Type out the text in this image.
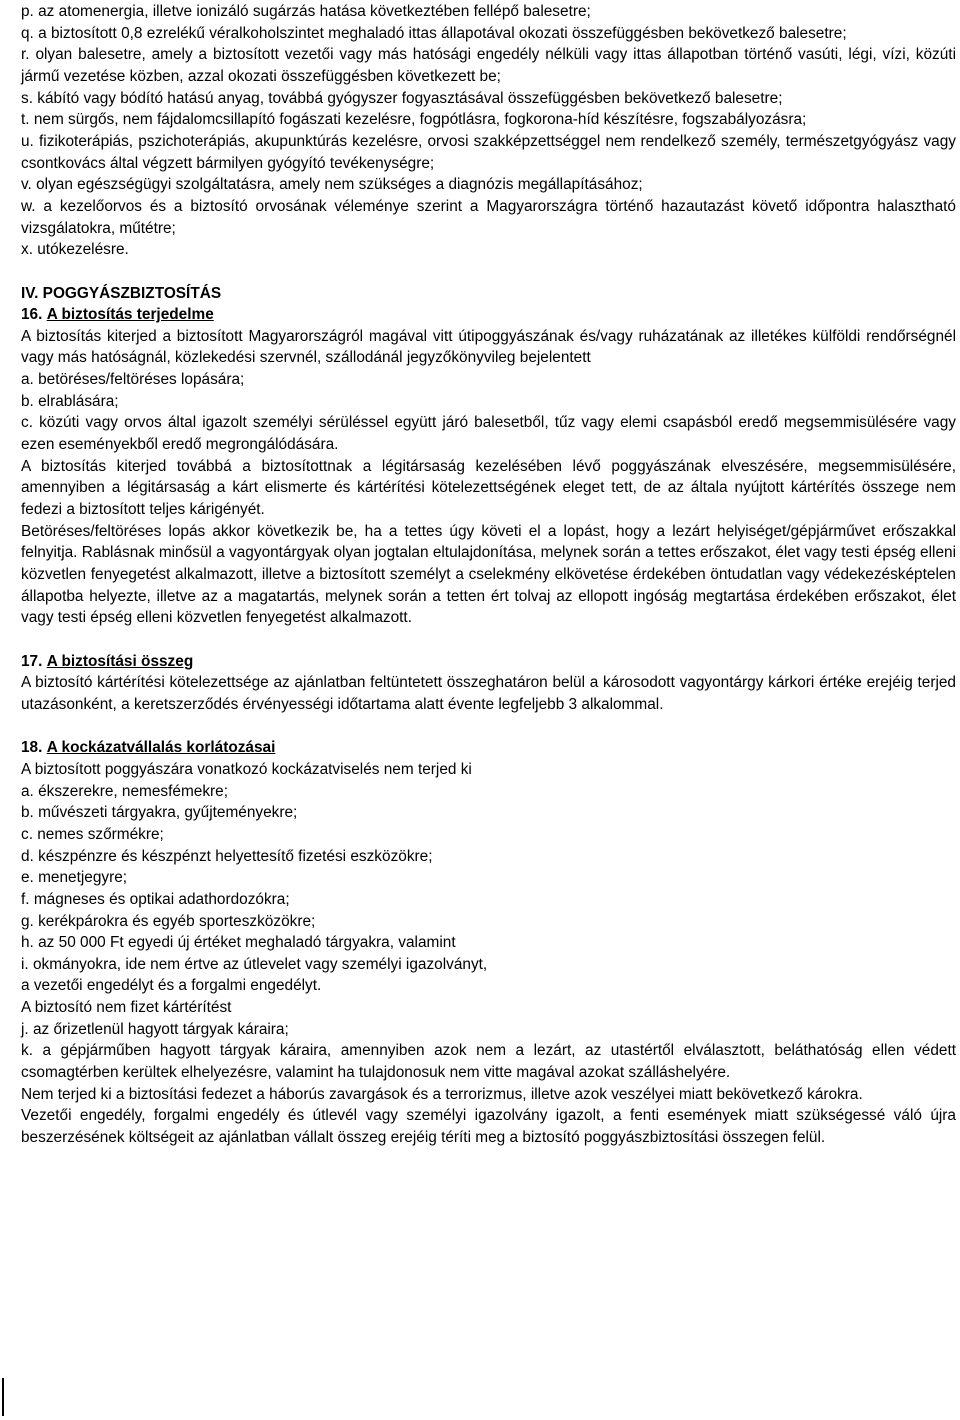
p. az atomenergia, illetve ionizáló sugárzás hatása következtében fellépő balesetre;

q. a biztosított 0,8 ezrelékű véralkoholszintet meghaladó ittas állapotával okozati összefüggésben bekövetkező balesetre;

r. olyan balesetre, amely a biztosított vezetői vagy más hatósági engedély nélküli vagy ittas állapotban történő vasúti, légi, vízi, közúti jármű vezetése közben, azzal okozati összefüggésben következett be;

s. kábító vagy bódító hatású anyag, továbbá gyógyszer fogyasztásával összefüggésben bekövetkező balesetre;

t. nem sürgős, nem fájdalomcsillapító fogászati kezelésre, fogpótlásra, fogkorona-híd készítésre, fogszabályozásra;

u. fizikoterápiás, pszichoterápiás, akupunktúrás kezelésre, orvosi szakképzettséggel nem rendelkező személy, természetgyógyász vagy csontkovács által végzett bármilyen gyógyító tevékenységre;

v. olyan egészségügyi szolgáltatásra, amely nem szükséges a diagnózis megállapításához;

w. a kezelőorvos és a biztosító orvosának véleménye szerint a Magyarországra történő hazautazást követő időpontra halasztható vizsgálatokra, műtétre;

x. utókezelésre.

IV. POGGYÁSZBIZTOSÍTÁS

16. A biztosítás terjedelme

A biztosítás kiterjed a biztosított Magyarországról magával vitt útipoggyászának és/vagy ruházatának az illetékes külföldi rendőrségnél vagy más hatóságnál, közlekedési szervnél, szállodánál jegyzőkönyvileg bejelentett

a. betöréses/feltöréses lopására;

b. elrablására;

c. közúti vagy orvos által igazolt személyi sérüléssel együtt járó balesetből, tűz vagy elemi csapásból eredő megsemmisülésére vagy ezen eseményekből eredő megrongálódására.

A biztosítás kiterjed továbbá a biztosítottnak a légitársaság kezelésében lévő poggyászának elveszésére, megsemmisülésére, amennyiben a légitársaság a kárt elismerte és kártérítési kötelezettségének eleget tett, de az általa nyújtott kártérítés összege nem fedezi a biztosított teljes kárigényét.

Betöréses/feltöréses lopás akkor következik be, ha a tettes úgy követi el a lopást, hogy a lezárt helyiséget/gépjárművet erőszakkal felnyitja. Rablásnak minősül a vagyontárgyak olyan jogtalan eltulajdonítása, melynek során a tettes erőszakot, élet vagy testi épség elleni közvetlen fenyegetést alkalmazott, illetve a biztosított személyt a cselekmény elkövetése érdekében öntudatlan vagy védekezésképtelen állapotba helyezte, illetve az a magatartás, melynek során a tetten ért tolvaj az ellopott ingóság megtartása érdekében erőszakot, élet vagy testi épség elleni közvetlen fenyegetést alkalmazott.

17. A biztosítási összeg

A biztosító kártérítési kötelezettsége az ajánlatban feltüntetett összeghatáron belül a károsodott vagyontárgy kárkori értéke erejéig terjed utazásonként, a keretszerződés érvényességi időtartama alatt évente legfeljebb 3 alkalommal.

18. A kockázatvállalás korlátozásai

A biztosított poggyászára vonatkozó kockázatviselés nem terjed ki

a. ékszerekre, nemesfémekre;

b. művészeti tárgyakra, gyűjteményekre;

c. nemes szőrmékre;

d. készpénzre és készpénzt helyettesítő fizetési eszközökre;

e. menetjegyre;

f. mágneses és optikai adathordozókra;

g. kerékpárokra és egyéb sporteszközökre;

h. az 50 000 Ft egyedi új értéket meghaladó tárgyakra, valamint

i. okmányokra, ide nem értve az útlevelet vagy személyi igazolványt,

a vezetői engedélyt és a forgalmi engedélyt.

A biztosító nem fizet kártérítést

j. az őrizetlenül hagyott tárgyak káraira;

k. a gépjárműben hagyott tárgyak káraira, amennyiben azok nem a lezárt, az utastértől elválasztott, beláthatóság ellen védett csomagtérben kerültek elhelyezésre, valamint ha tulajdonosuk nem vitte magával azokat szálláshelyére.

Nem terjed ki a biztosítási fedezet a háborús zavargások és a terrorizmus, illetve azok veszélyei miatt bekövetkező károkra.

Vezetői engedély, forgalmi engedély és útlevél vagy személyi igazolvány igazolt, a fenti események miatt szükségessé váló újra beszerzésének költségeit az ajánlatban vállalt összeg erejéig téríti meg a biztosító poggyászbiztosítási összegen felül.
